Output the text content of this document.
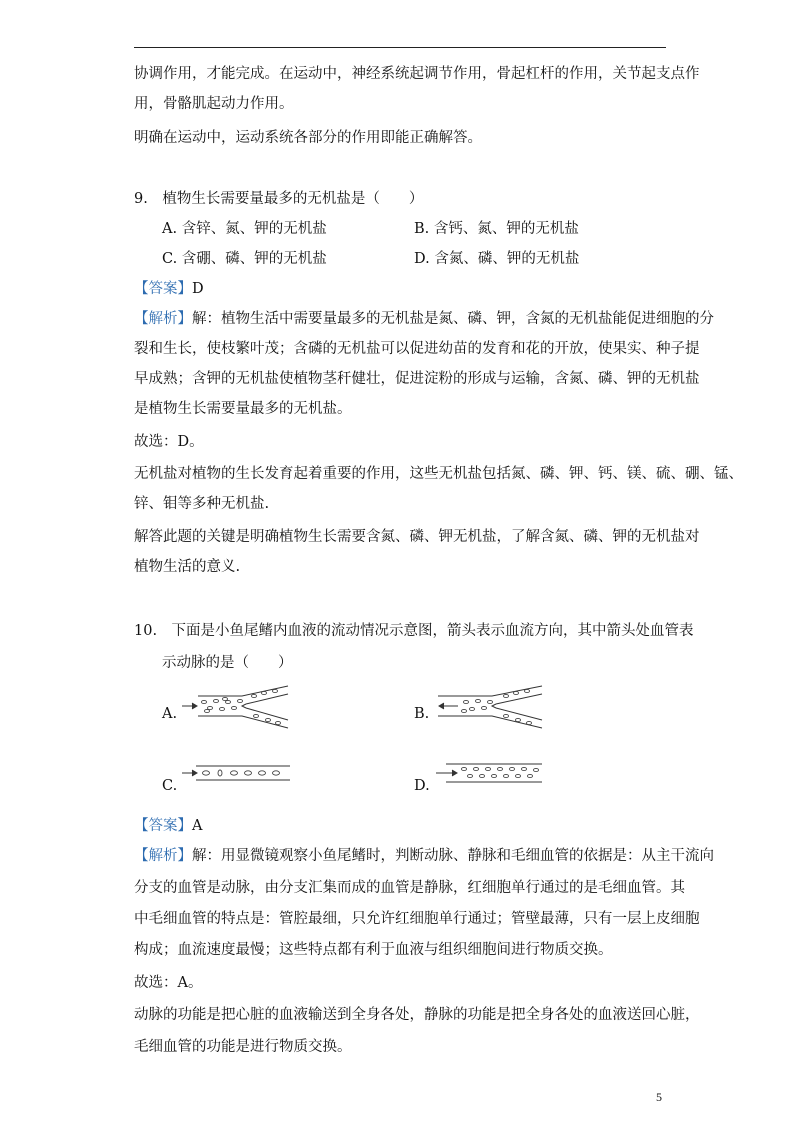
协调作用，才能完成。在运动中，神经系统起调节作用，骨起杠杆的作用，关节起支点作
用，骨骼肌起动力作用。
明确在运动中，运动系统各部分的作用即能正确解答。
9.　植物生长需要量最多的无机盐是（　　）
A. 含锌、氮、钾的无机盐	B. 含钙、氮、钾的无机盐
C. 含硼、磷、钾的无机盐	D. 含氮、磷、钾的无机盐
【答案】D
【解析】解：植物生活中需要量最多的无机盐是氮、磷、钾，含氮的无机盐能促进细胞的分
裂和生长，使枝繁叶茂；含磷的无机盐可以促进幼苗的发育和花的开放，使果实、种子提
早成熟；含钾的无机盐使植物茎秆健壮，促进淀粉的形成与运输，含氮、磷、钾的无机盐
是植物生长需要量最多的无机盐。
故选：D。
无机盐对植物的生长发育起着重要的作用，这些无机盐包括氮、磷、钾、钙、镁、硫、硼、锰、
锌、钼等多种无机盐.
解答此题的关键是明确植物生长需要含氮、磷、钾无机盐，了解含氮、磷、钾的无机盐对
植物生活的意义.
10.　下面是小鱼尾鳍内血液的流动情况示意图，箭头表示血流方向，其中箭头处血管表
示动脉的是（　　）
A.	B.
C.	D.
【答案】A
【解析】解：用显微镜观察小鱼尾鳍时，判断动脉、静脉和毛细血管的依据是：从主干流向
分支的血管是动脉，由分支汇集而成的血管是静脉，红细胞单行通过的是毛细血管。其
中毛细血管的特点是：管腔最细，只允许红细胞单行通过；管壁最薄，只有一层上皮细胞
构成；血流速度最慢；这些特点都有利于血液与组织细胞间进行物质交换。
故选：A。
动脉的功能是把心脏的血液输送到全身各处，静脉的功能是把全身各处的血液送回心脏，
毛细血管的功能是进行物质交换。
5
